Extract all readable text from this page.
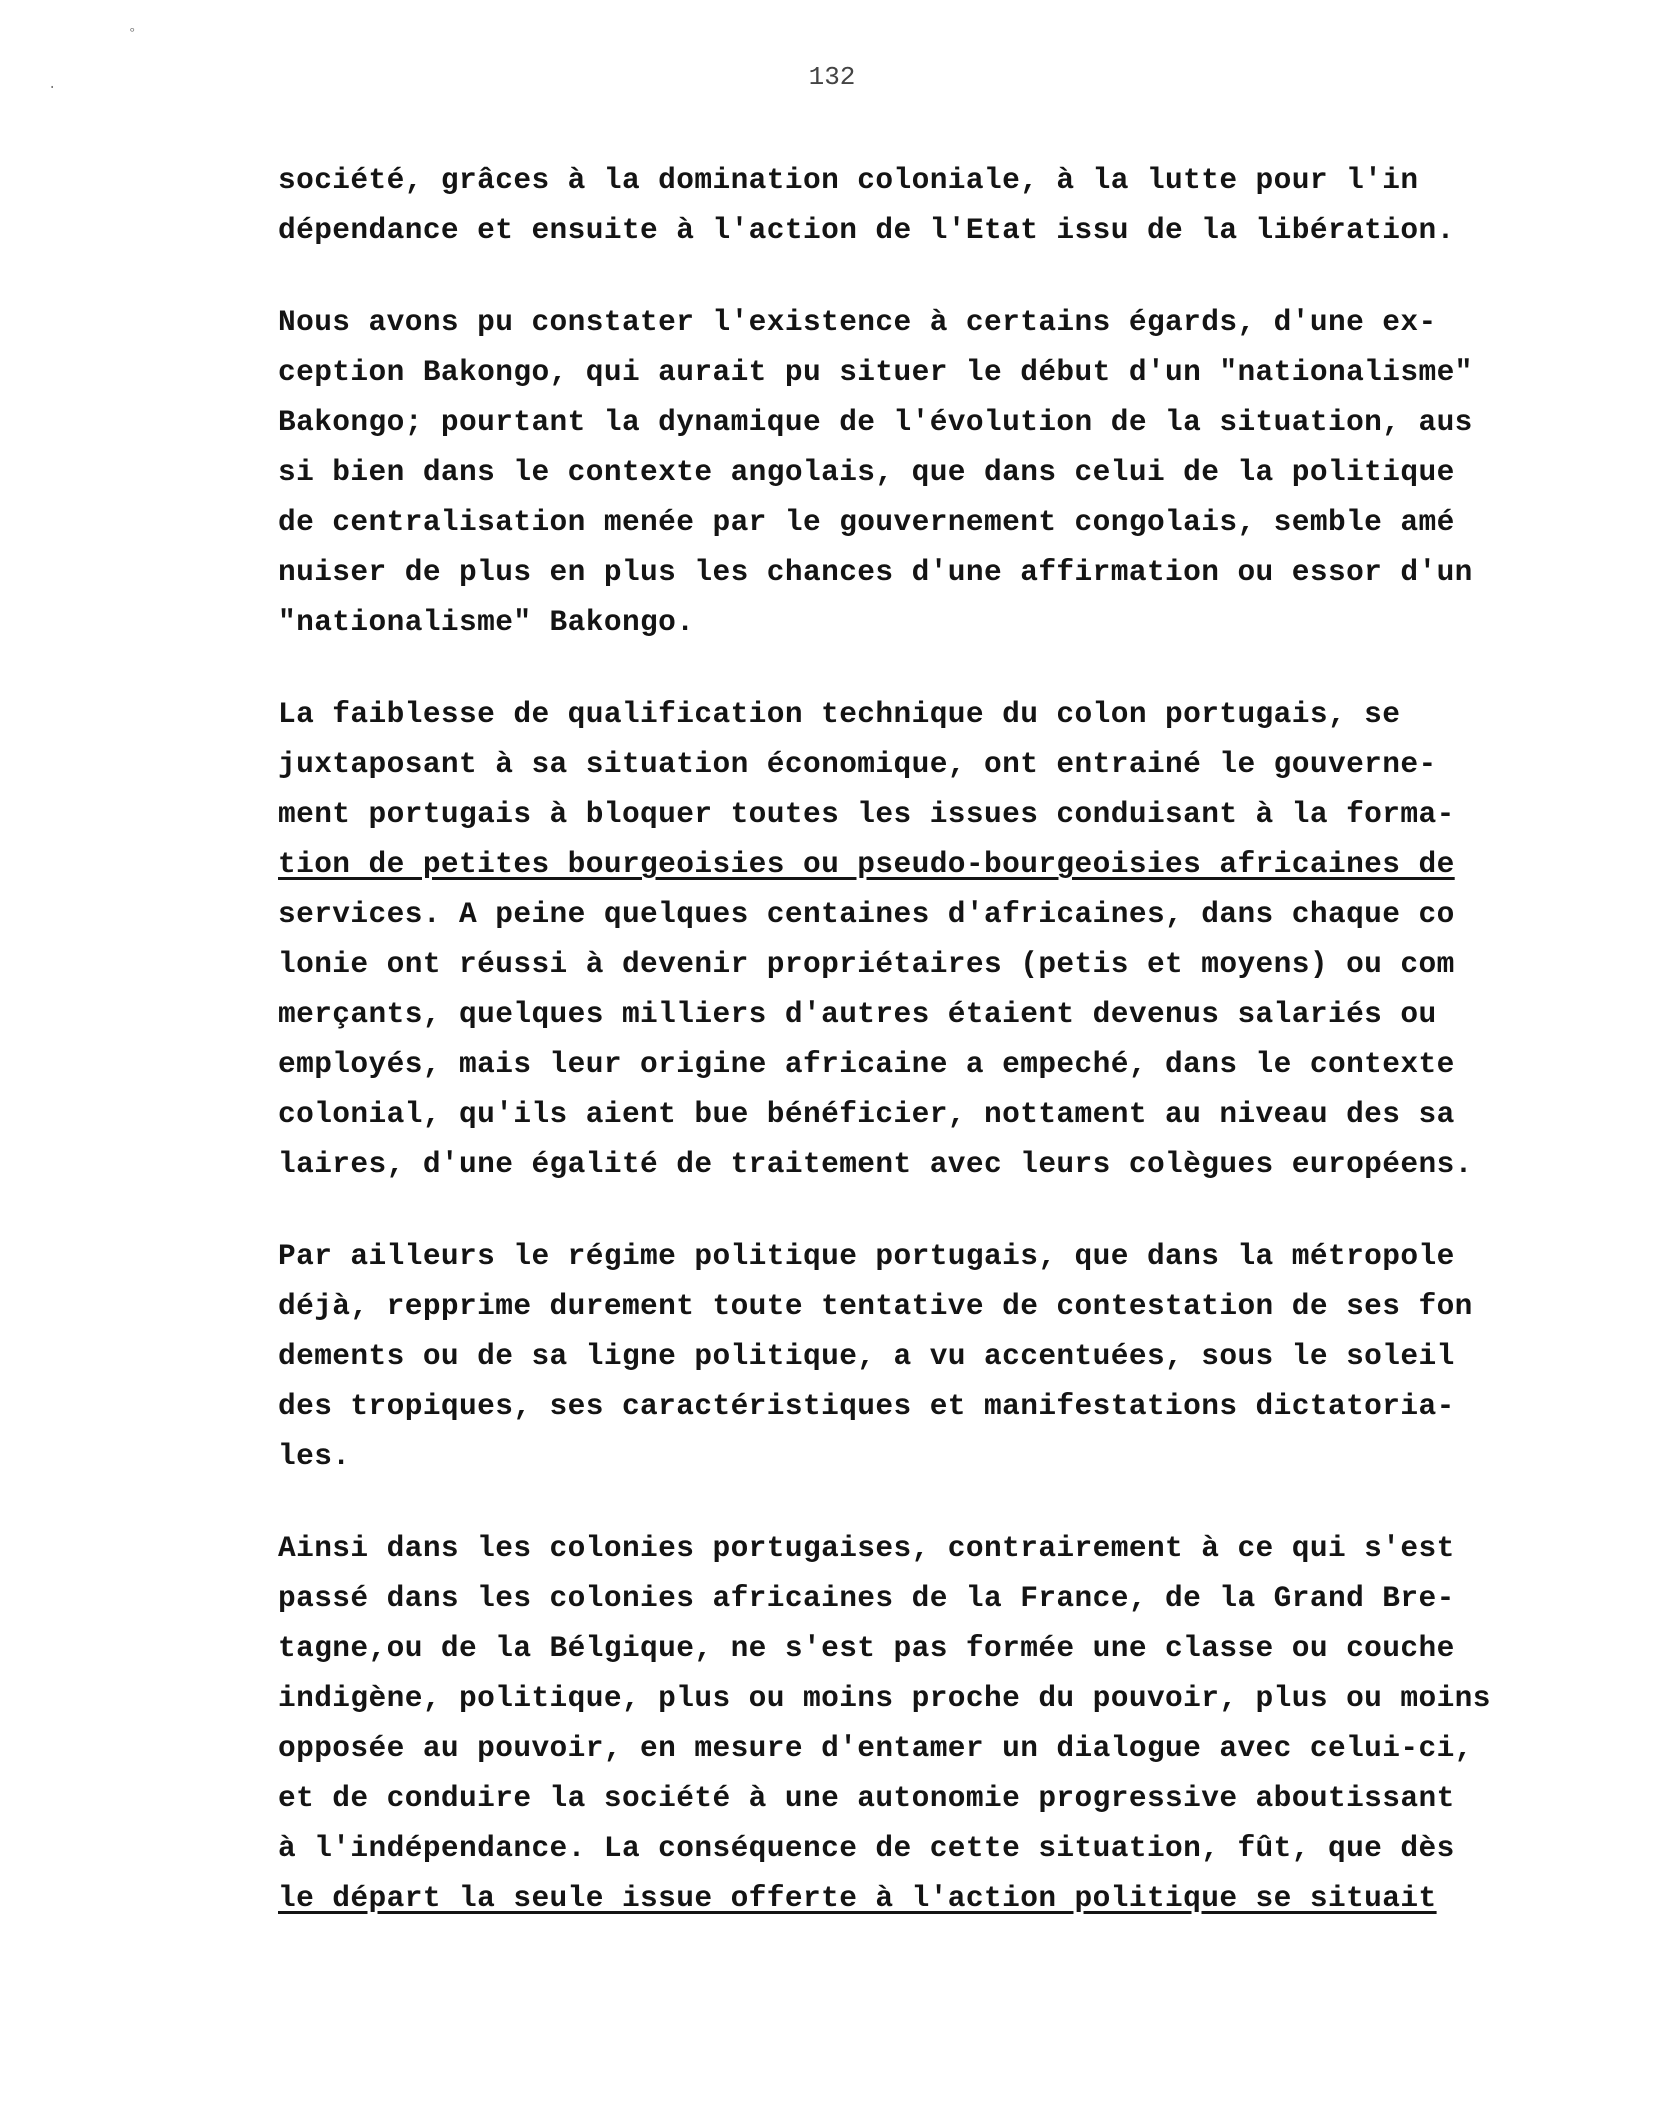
132
société, grâces à la domination coloniale, à la lutte pour l'in
dépendance et ensuite à l'action de l'Etat issu de la libération.
Nous avons pu constater l'existence à certains égards, d'une ex-
ception Bakongo, qui aurait pu situer le début d'un "nationalisme"
Bakongo; pourtant la dynamique de l'évolution de la situation, aus
si bien dans le contexte angolais, que dans celui de la politique
de centralisation menée par le gouvernement congolais, semble amé
nuiser de plus en plus les chances d'une affirmation ou essor d'un
"nationalisme" Bakongo.
La faiblesse de qualification technique du colon portugais, se
juxtaposant à sa situation économique, ont entrainé le gouverne-
ment portugais à bloquer toutes les issues conduisant à la forma-
tion de petites bourgeoisies ou pseudo-bourgeoisies africaines de
services. A peine quelques centaines d'africaines, dans chaque co
lonie ont réussi à devenir propriétaires (petis et moyens) ou com
merçants, quelques milliers d'autres étaient devenus salariés ou
employés, mais leur origine africaine a empeché, dans le contexte
colonial, qu'ils aient bue bénéficier, nottament au niveau des sa
laires, d'une égalité de traitement avec leurs colègues européens.
Par ailleurs le régime politique portugais, que dans la métropole
déjà, repprime durement toute tentative de contestation de ses fon
dements ou de sa ligne politique, a vu accentuées, sous le soleil
des tropiques, ses caractéristiques et manifestations dictatoria-
les.
Ainsi dans les colonies portugaises, contrairement à ce qui s'est
passé dans les colonies africaines de la France, de la Grand Bre-
tagne,ou de la Bélgique, ne s'est pas formée une classe ou couche
indigène, politique, plus ou moins proche du pouvoir, plus ou moins
opposée au pouvoir, en mesure d'entamer un dialogue avec celui-ci,
et de conduire la société à une autonomie progressive aboutissant
à l'indépendance. La conséquence de cette situation, fût, que dès
le départ la seule issue offerte à l'action politique se situait
°
·
